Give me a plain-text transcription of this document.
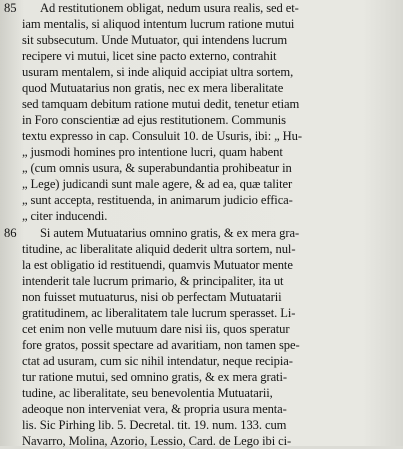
85

Ad restitutionem obligat, nedum usura realis, sed et-

iam mentalis, si aliquod intentum lucrum ratione mutui
sit subsecutum. Unde Mutuator, qui intendens lucrum
recipere vi mutui, licet sine pacto externo, contrahit
usuram mentalem, si inde aliquid accipiat ultra sortem,
quod Mutuatarius non gratis, nec ex mera liberalitate
sed tamquam debitum ratione mutui dedit, tenetur etiam
in Foro conscientiæ ad ejus restitutionem. Communis
textu expresso in cap. Consuluit 10. de Usuris, ibi: „ Hu-
„ jusmodi homines pro intentione lucri, quam habent
„ (cum omnis usura, & superabundantia prohibeatur in
„ Lege) judicandi sunt male agere, & ad ea, quæ taliter
„ sunt accepta, restituenda, in animarum judicio effica-
„ citer inducendi.

86

Si autem Mutuatarius omnino gratis, & ex mera gra-

titudine, ac liberalitate aliquid dederit ultra sortem, nul-
la est obligatio id restituendi, quamvis Mutuator mente
intenderit tale lucrum primario, & principaliter, ita ut
non fuisset mutuaturus, nisi ob perfectam Mutuatarii
gratitudinem, ac liberalitatem tale lucrum sperasset. Li-
cet enim non velle mutuum dare nisi iis, quos speratur
fore gratos, possit spectare ad avaritiam, non tamen spe-
ctat ad usuram, cum sic nihil intendatur, neque recipia-
tur ratione mutui, sed omnino gratis, & ex mera grati-
tudine, ac liberalitate, seu benevolentia Mutuatarii,
adeoque non interveniat vera, & propria usura menta-
lis. Sic Pirhing lib. 5. Decretal. tit. 19. num. 133. cum
Navarro, Molina, Azorio, Lessio, Card. de Lego ibi ci-
